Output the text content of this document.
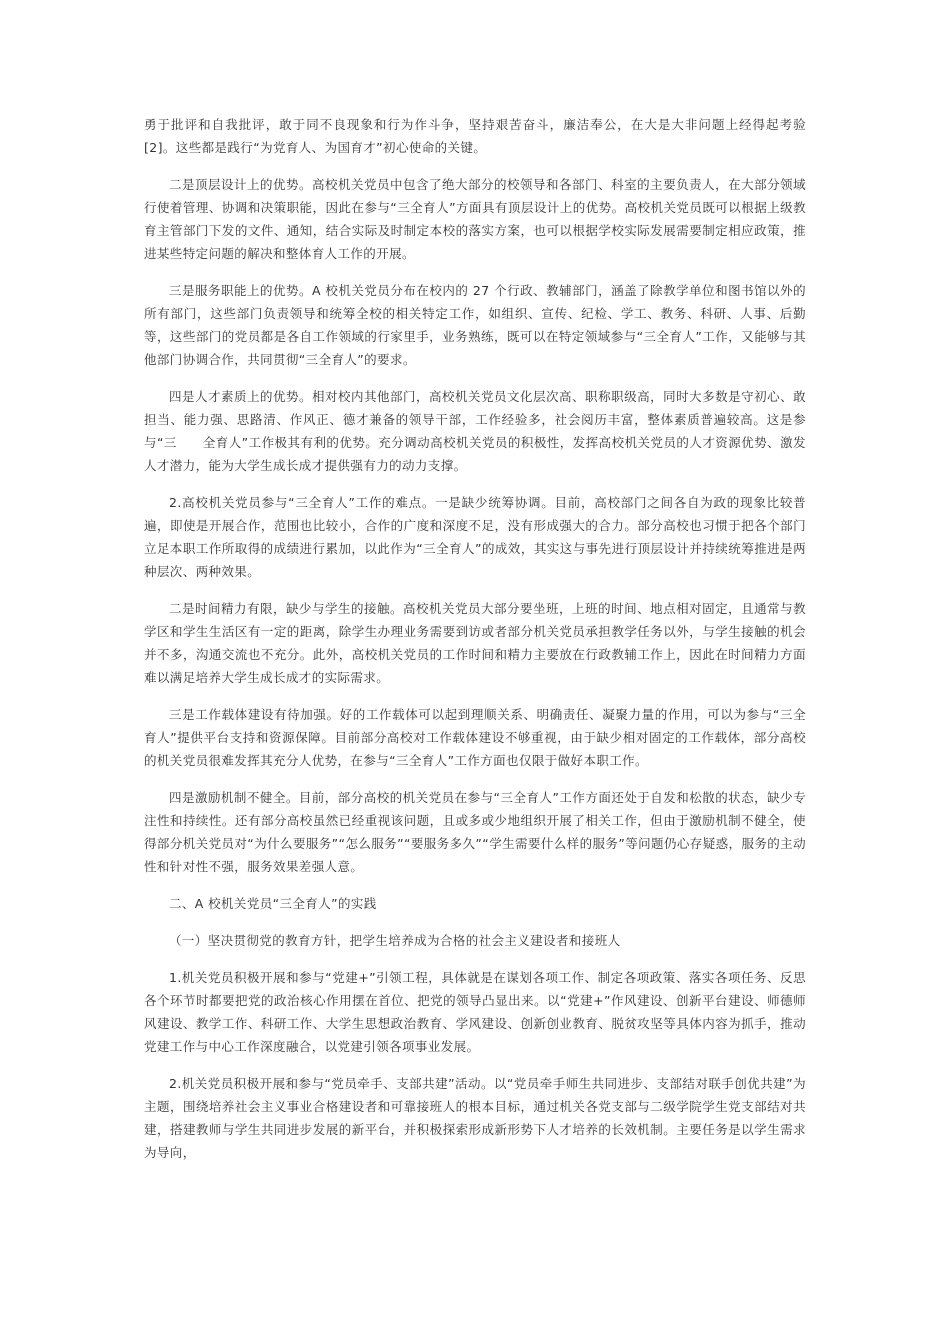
勇于批评和自我批评，敢于同不良现象和行为作斗争，坚持艰苦奋斗，廉洁奉公，在大是大非问题上经得起考验[2]。这些都是践行“为党育人、为国育才”初心使命的关键。

二是顶层设计上的优势。高校机关党员中包含了绝大部分的校领导和各部门、科室的主要负责人，在大部分领域行使着管理、协调和决策职能，因此在参与“三全育人”方面具有顶层设计上的优势。高校机关党员既可以根据上级教育主管部门下发的文件、通知，结合实际及时制定本校的落实方案，也可以根据学校实际发展需要制定相应政策，推进某些特定问题的解决和整体育人工作的开展。

三是服务职能上的优势。A 校机关党员分布在校内的 27 个行政、教辅部门，涵盖了除教学单位和图书馆以外的所有部门，这些部门负责领导和统筹全校的相关特定工作，如组织、宣传、纪检、学工、教务、科研、人事、后勤等，这些部门的党员都是各自工作领域的行家里手，业务熟练，既可以在特定领域参与“三全育人”工作，又能够与其他部门协调合作，共同贯彻“三全育人”的要求。

四是人才素质上的优势。相对校内其他部门，高校机关党员文化层次高、职称职级高，同时大多数是守初心、敢担当、能力强、思路清、作风正、德才兼备的领导干部，工作经验多，社会阅历丰富，整体素质普遍较高。这是参与“三　　全育人”工作极其有利的优势。充分调动高校机关党员的积极性，发挥高校机关党员的人才资源优势、激发人才潜力，能为大学生成长成才提供强有力的动力支撑。

2.高校机关党员参与“三全育人”工作的难点。一是缺少统筹协调。目前，高校部门之间各自为政的现象比较普遍，即使是开展合作，范围也比较小，合作的广度和深度不足，没有形成强大的合力。部分高校也习惯于把各个部门立足本职工作所取得的成绩进行累加，以此作为“三全育人”的成效，其实这与事先进行顶层设计并持续统筹推进是两种层次、两种效果。

二是时间精力有限，缺少与学生的接触。高校机关党员大部分要坐班，上班的时间、地点相对固定，且通常与教学区和学生生活区有一定的距离，除学生办理业务需要到访或者部分机关党员承担教学任务以外，与学生接触的机会并不多，沟通交流也不充分。此外，高校机关党员的工作时间和精力主要放在行政教辅工作上，因此在时间精力方面难以满足培养大学生成长成才的实际需求。

三是工作载体建设有待加强。好的工作载体可以起到理顺关系、明确责任、凝聚力量的作用，可以为参与“三全育人”提供平台支持和资源保障。目前部分高校对工作载体建设不够重视，由于缺少相对固定的工作载体，部分高校的机关党员很难发挥其充分人优势，在参与“三全育人”工作方面也仅限于做好本职工作。

四是激励机制不健全。目前，部分高校的机关党员在参与“三全育人”工作方面还处于自发和松散的状态，缺少专注性和持续性。还有部分高校虽然已经重视该问题，且或多或少地组织开展了相关工作，但由于激励机制不健全，使得部分机关党员对“为什么要服务”“怎么服务”“要服务多久”“学生需要什么样的服务”等问题仍心存疑惑，服务的主动性和针对性不强，服务效果差强人意。

二、A 校机关党员“三全育人”的实践

（一）坚决贯彻党的教育方针，把学生培养成为合格的社会主义建设者和接班人

1.机关党员积极开展和参与“党建+”引领工程，具体就是在谋划各项工作、制定各项政策、落实各项任务、反思各个环节时都要把党的政治核心作用摆在首位、把党的领导凸显出来。以“党建+”作风建设、创新平台建设、师德师风建设、教学工作、科研工作、大学生思想政治教育、学风建设、创新创业教育、脱贫攻坚等具体内容为抓手，推动党建工作与中心工作深度融合，以党建引领各项事业发展。

2.机关党员积极开展和参与“党员牵手、支部共建”活动。以“党员牵手师生共同进步、支部结对联手创优共建”为主题，围绕培养社会主义事业合格建设者和可靠接班人的根本目标，通过机关各党支部与二级学院学生党支部结对共建，搭建教师与学生共同进步发展的新平台，并积极探索形成新形势下人才培养的长效机制。主要任务是以学生需求为导向，
